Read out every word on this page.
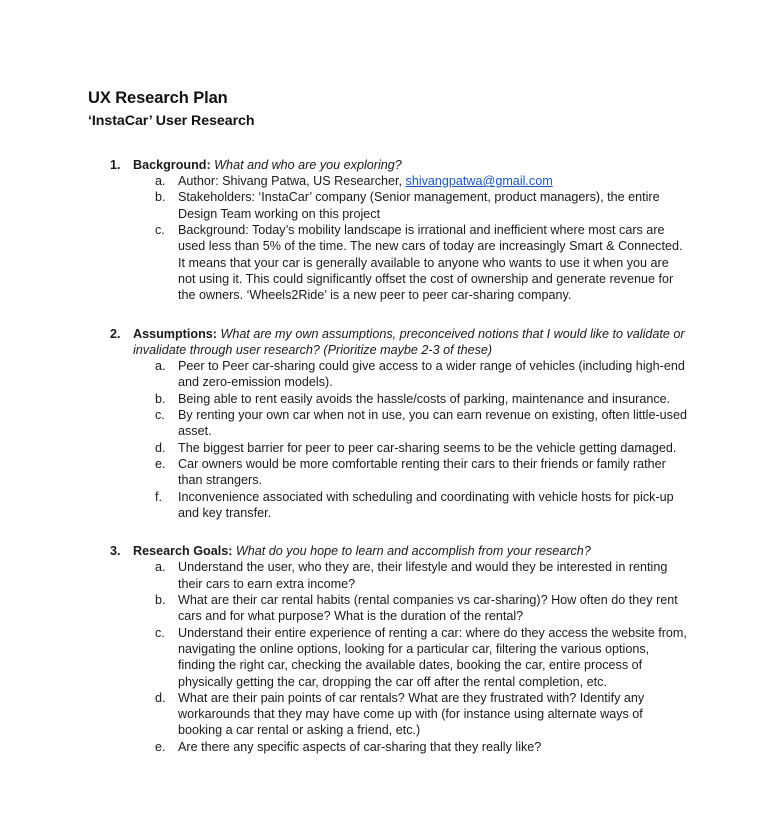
UX Research Plan
‘InstaCar’ User Research
1. Background: What and who are you exploring?

a. Author: Shivang Patwa, US Researcher, shivangpatwa@gmail.com

b. Stakeholders: ‘InstaCar’ company (Senior management, product managers), the entire Design Team working on this project

c.	Background: Today’s mobility landscape is irrational and inefficient where most cars are used less than 5% of the time. The new cars of today are increasingly Smart & Connected. It means that your car is generally available to anyone who wants to use it when you are not using it. This could significantly offset the cost of ownership and generate revenue for the owners. ‘Wheels2Ride’ is a new peer to peer car-sharing company.

2. Assumptions: What are my own assumptions, preconceived notions that I would like to validate or invalidate through user research? (Prioritize maybe 2-3 of these)

a. Peer to Peer car-sharing could give access to a wider range of vehicles (including high-end and zero-emission models).

b. Being able to rent easily avoids the hassle/costs of parking, maintenance and insurance.

c.	By renting your own car when not in use, you can earn revenue on existing, often little-used asset.

d. The biggest barrier for peer to peer car-sharing seems to be the vehicle getting damaged.

e. Car owners would be more comfortable renting their cars to their friends or family rather than strangers.

f.	Inconvenience associated with scheduling and coordinating with vehicle hosts for pick-up and key transfer.

3. Research Goals: What do you hope to learn and accomplish from your research?

a. Understand the user, who they are, their lifestyle and would they be interested in renting their cars to earn extra income?

b. What are their car rental habits (rental companies vs car-sharing)? How often do they rent cars and for what purpose? What is the duration of the rental?

c.	Understand their entire experience of renting a car: where do they access the website from, navigating the online options, looking for a particular car, filtering the various options, finding the right car, checking the available dates, booking the car, entire process of physically getting the car, dropping the car off after the rental completion, etc.

d. What are their pain points of car rentals? What are they frustrated with? Identify any workarounds that they may have come up with (for instance using alternate ways of booking a car rental or asking a friend, etc.)

e. Are there any specific aspects of car-sharing that they really like?
